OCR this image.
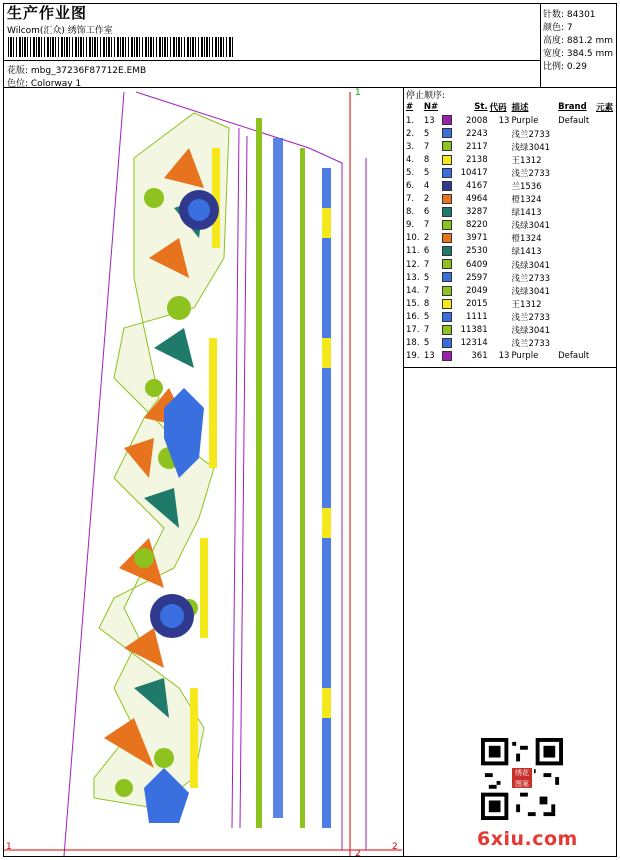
生产作业图
Wilcom(汇众) 绣饰工作室
花版: mbg_37236F87712E.EMB
色位: Colorway 1
针数: 84301
颜色: 7
高度: 881.2 mm
宽度: 384.5 mm
比例: 0.29
1
1	2
2
停止顺序:
#	N#		St.	代码	描述	Brand	元素
1.	13		2008	13	Purple	Default	
2.	5		2243		浅兰2733		
3.	7		2117		浅绿3041		
4.	8		2138		王1312		
5.	5		10417		浅兰2733		
6.	4		4167		兰1536		
7.	2		4964		橙1324		
8.	6		3287		绿1413		
9.	7		8220		浅绿3041		
10.	2		3971		橙1324		
11.	6		2530		绿1413		
12.	7		6409		浅绿3041		
13.	5		2597		浅兰2733		
14.	7		2049		浅绿3041		
15.	8		2015		王1312		
16.	5		1111		浅兰2733		
17.	7		11381		浅绿3041		
18.	5		12314		浅兰2733		
19.	13		361	13	Purple	Default	
绣花
图案
6xiu.com
